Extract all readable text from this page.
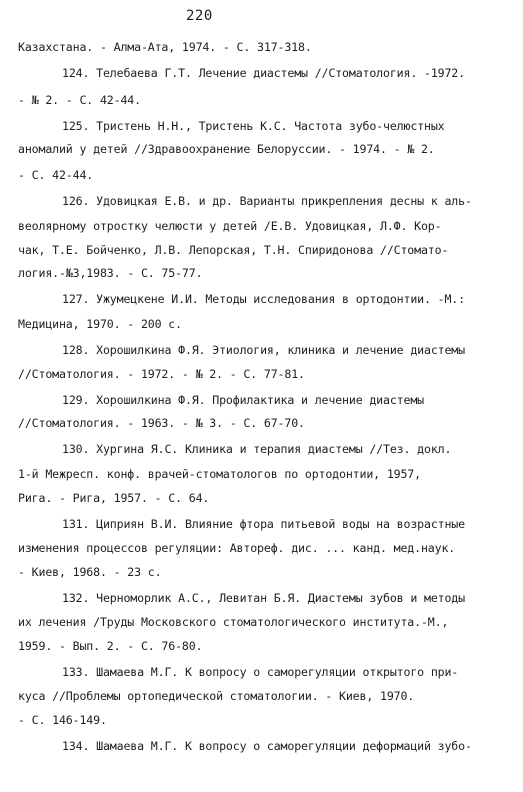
220
Казахстана. - Алма-Ата, 1974. - С. 317-318.
124. Телебаева Г.Т. Лечение диастемы //Стоматология. -1972.
- № 2. - С. 42-44.
125. Тристень Н.Н., Тристень К.С. Частота зубо-челюстных
аномалий у детей //Здравоохранение Белоруссии. - 1974. - № 2.
- С. 42-44.
126. Удовицкая Е.В. и др. Варианты прикрепления десны к аль-
веолярному отростку челюсти у детей /Е.В. Удовицкая, Л.Ф. Кор-
чак, Т.Е. Бойченко, Л.В. Лепорская, Т.Н. Спиридонова //Стомато-
логия.-№3,1983. - С. 75-77.
127. Ужумецкене И.И. Методы исследования в ортодонтии. -М.:
Медицина, 1970. - 200 с.
128. Хорошилкина Ф.Я. Этиология, клиника и лечение диастемы
//Стоматология. - 1972. - № 2. - С. 77-81.
129. Хорошилкина Ф.Я. Профилактика и лечение диастемы
//Стоматология. - 1963. - № 3. - С. 67-70.
130. Хургина Я.С. Клиника и терапия диастемы //Тез. докл.
1-й Межресп. конф. врачей-стоматологов по ортодонтии, 1957,
Рига. - Рига, 1957. - С. 64.
131. Циприян В.И. Влияние фтора питьевой воды на возрастные
изменения процессов регуляции: Автореф. дис. ... канд. мед.наук.
- Киев, 1968. - 23 с.
132. Черноморлик А.С., Левитан Б.Я. Диастемы зубов и методы
их лечения /Труды Московского стоматологического института.-М.,
1959. - Вып. 2. - С. 76-80.
133. Шамаева М.Г. К вопросу о саморегуляции открытого при-
куса //Проблемы ортопедической стоматологии. - Киев, 1970.
- С. 146-149.
134. Шамаева М.Г. К вопросу о саморегуляции деформаций зубо-
